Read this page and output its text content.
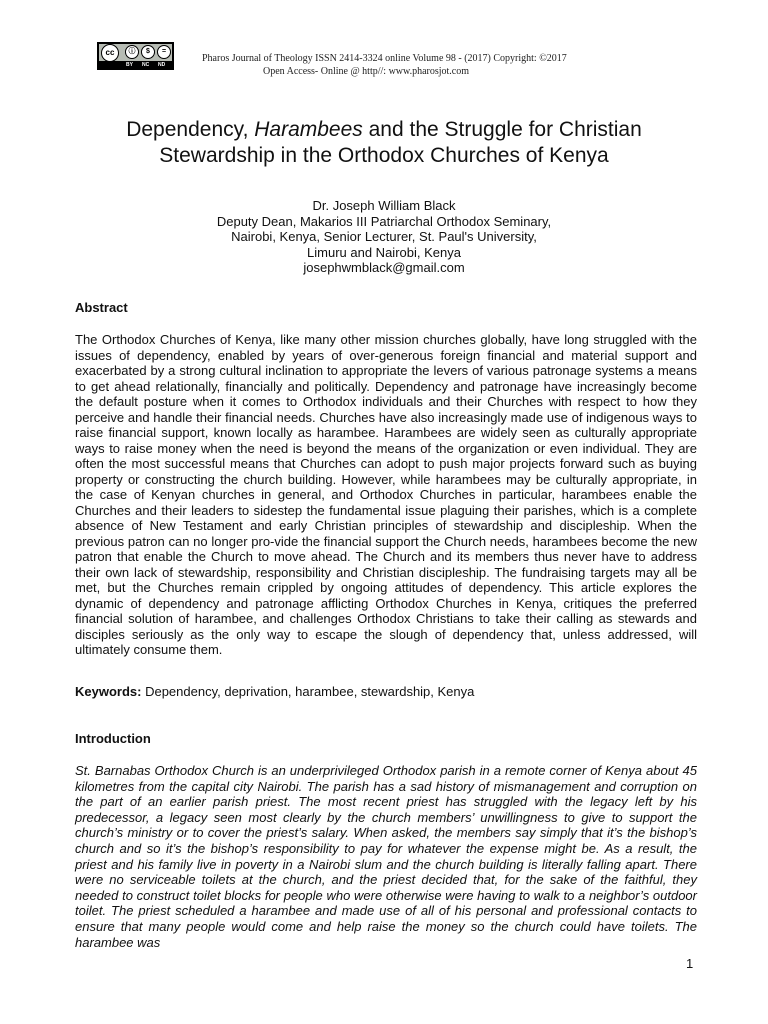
cc	ⓘ	$	=
BY NC ND
Pharos Journal of Theology ISSN 2414-3324 online Volume 98 - (2017) Copyright: ©2017
Open Access- Online @ http//: www.pharosjot.com
Dependency, Harambees and the Struggle for Christian
Stewardship in the Orthodox Churches of Kenya
Dr. Joseph William Black
Deputy Dean, Makarios III Patriarchal Orthodox Seminary,
Nairobi, Kenya, Senior Lecturer, St. Paul's University,
Limuru and Nairobi, Kenya
josephwmblack@gmail.com
Abstract

The Orthodox Churches of Kenya, like many other mission churches globally, have long struggled with the issues of dependency, enabled by years of over-generous foreign financial and material support and exacerbated by a strong cultural inclination to appropriate the levers of various patronage systems a means to get ahead relationally, financially and politically. Dependency and patronage have increasingly become the default posture when it comes to Orthodox individuals and their Churches with respect to how they perceive and handle their financial needs. Churches have also increasingly made use of indigenous ways to raise financial support, known locally as harambee. Harambees are widely seen as culturally appropriate ways to raise money when the need is beyond the means of the organization or even individual. They are often the most successful means that Churches can adopt to push major projects forward such as buying property or constructing the church building. However, while harambees may be culturally appropriate, in the case of Kenyan churches in general, and Orthodox Churches in particular, harambees enable the Churches and their leaders to sidestep the fundamental issue plaguing their parishes, which is a complete absence of New Testament and early Christian principles of stewardship and discipleship. When the previous patron can no longer pro-vide the financial support the Church needs, harambees become the new patron that enable the Church to move ahead. The Church and its members thus never have to address their own lack of stewardship, responsibility and Christian discipleship. The fundraising targets may all be met, but the Churches remain crippled by ongoing attitudes of dependency. This article explores the dynamic of dependency and patronage afflicting Orthodox Churches in Kenya, critiques the preferred financial solution of harambee, and challenges Orthodox Christians to take their calling as stewards and disciples seriously as the only way to escape the slough of dependency that, unless addressed, will ultimately consume them.

Keywords: Dependency, deprivation, harambee, stewardship, Kenya

Introduction

St. Barnabas Orthodox Church is an underprivileged Orthodox parish in a remote corner of Kenya about 45 kilometres from the capital city Nairobi. The parish has a sad history of mismanagement and corruption on the part of an earlier parish priest. The most recent priest has struggled with the legacy left by his predecessor, a legacy seen most clearly by the church members’ unwillingness to give to support the church’s ministry or to cover the priest’s salary. When asked, the members say simply that it’s the bishop’s church and so it’s the bishop’s responsibility to pay for whatever the expense might be. As a result, the priest and his family live in poverty in a Nairobi slum and the church building is literally falling apart. There were no serviceable toilets at the church, and the priest decided that, for the sake of the faithful, they needed to construct toilet blocks for people who were otherwise were having to walk to a neighbor’s outdoor toilet. The priest scheduled a harambee and made use of all of his personal and professional contacts to ensure that many people would come and help raise the money so the church could have toilets. The harambee was

1
